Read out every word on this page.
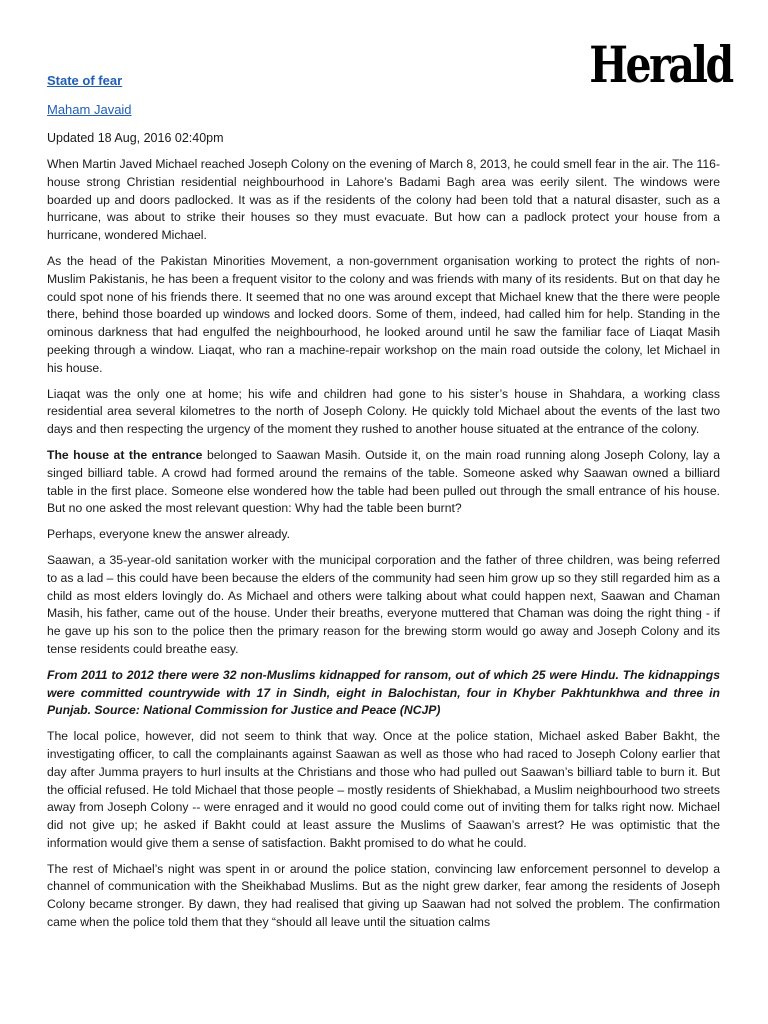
Herald
State of fear
Maham Javaid
Updated 18 Aug, 2016 02:40pm

When Martin Javed Michael reached Joseph Colony on the evening of March 8, 2013, he could smell fear in the air. The 116-house strong Christian residential neighbourhood in Lahore’s Badami Bagh area was eerily silent. The windows were boarded up and doors padlocked. It was as if the residents of the colony had been told that a natural disaster, such as a hurricane, was about to strike their houses so they must evacuate. But how can a padlock protect your house from a hurricane, wondered Michael.

As the head of the Pakistan Minorities Movement, a non-government organisation working to protect the rights of non-Muslim Pakistanis, he has been a frequent visitor to the colony and was friends with many of its residents. But on that day he could spot none of his friends there. It seemed that no one was around except that Michael knew that the there were people there, behind those boarded up windows and locked doors. Some of them, indeed, had called him for help. Standing in the ominous darkness that had engulfed the neighbourhood, he looked around until he saw the familiar face of Liaqat Masih peeking through a window. Liaqat, who ran a machine-repair workshop on the main road outside the colony, let Michael in his house.

Liaqat was the only one at home; his wife and children had gone to his sister’s house in Shahdara, a working class residential area several kilometres to the north of Joseph Colony. He quickly told Michael about the events of the last two days and then respecting the urgency of the moment they rushed to another house situated at the entrance of the colony.

The house at the entrance belonged to Saawan Masih. Outside it, on the main road running along Joseph Colony, lay a singed billiard table. A crowd had formed around the remains of the table. Someone asked why Saawan owned a billiard table in the first place. Someone else wondered how the table had been pulled out through the small entrance of his house. But no one asked the most relevant question: Why had the table been burnt?

Perhaps, everyone knew the answer already.

Saawan, a 35-year-old sanitation worker with the municipal corporation and the father of three children, was being referred to as a lad – this could have been because the elders of the community had seen him grow up so they still regarded him as a child as most elders lovingly do. As Michael and others were talking about what could happen next, Saawan and Chaman Masih, his father, came out of the house. Under their breaths, everyone muttered that Chaman was doing the right thing - if he gave up his son to the police then the primary reason for the brewing storm would go away and Joseph Colony and its tense residents could breathe easy.

From 2011 to 2012 there were 32 non-Muslims kidnapped for ransom, out of which 25 were Hindu. The kidnappings were committed countrywide with 17 in Sindh, eight in Balochistan, four in Khyber Pakhtunkhwa and three in Punjab. Source: National Commission for Justice and Peace (NCJP)

The local police, however, did not seem to think that way. Once at the police station, Michael asked Baber Bakht, the investigating officer, to call the complainants against Saawan as well as those who had raced to Joseph Colony earlier that day after Jumma prayers to hurl insults at the Christians and those who had pulled out Saawan’s billiard table to burn it. But the official refused. He told Michael that those people – mostly residents of Shiekhabad, a Muslim neighbourhood two streets away from Joseph Colony -- were enraged and it would no good could come out of inviting them for talks right now. Michael did not give up; he asked if Bakht could at least assure the Muslims of Saawan’s arrest? He was optimistic that the information would give them a sense of satisfaction. Bakht promised to do what he could.

The rest of Michael’s night was spent in or around the police station, convincing law enforcement personnel to develop a channel of communication with the Sheikhabad Muslims. But as the night grew darker, fear among the residents of Joseph Colony became stronger. By dawn, they had realised that giving up Saawan had not solved the problem. The confirmation came when the police told them that they “should all leave until the situation calms
